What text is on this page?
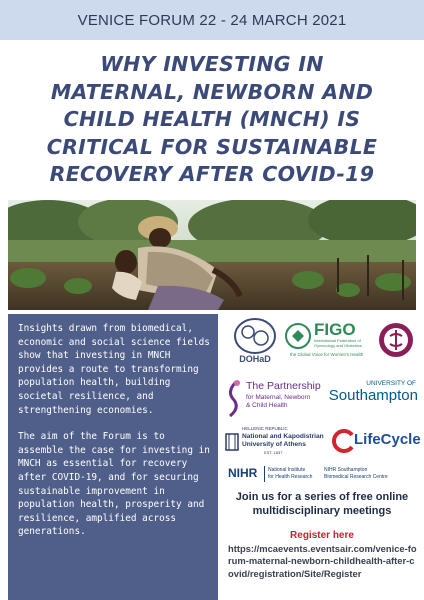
VENICE FORUM 22 - 24 MARCH 2021
WHY INVESTING IN
MATERNAL, NEWBORN AND
CHILD HEALTH (MNCH) IS
CRITICAL FOR SUSTAINABLE
RECOVERY AFTER COVID-19

Insights drawn from biomedical, economic and social science fields show that investing in MNCH provides a route to transforming population health, building societal resilience, and strengthening economies.

The aim of the Forum is to assemble the case for investing in MNCH as essential for recovery after COVID-19, and for securing sustainable improvement in population health, prosperity and resilience, amplified across generations.

DOHaD
FIGO
International Federation of
Gynecology and Obstetrics
the Global Voice for Women's Health
The Partnership
for Maternal, Newborn
& Child Health
UNIVERSITY OF
Southampton
HELLENIC REPUBLIC
National and Kapodistrian
University of Athens
EST. 1837
LifeCycle
NIHR National Institute
for Health Research
NIHR Southampton
Biomedical Research Centre
Join us for a series of free online multidisciplinary meetings
Register here
https://mcaevents.eventsair.com/venice-forum-maternal-newborn-childhealth-after-covid/registration/Site/Register
